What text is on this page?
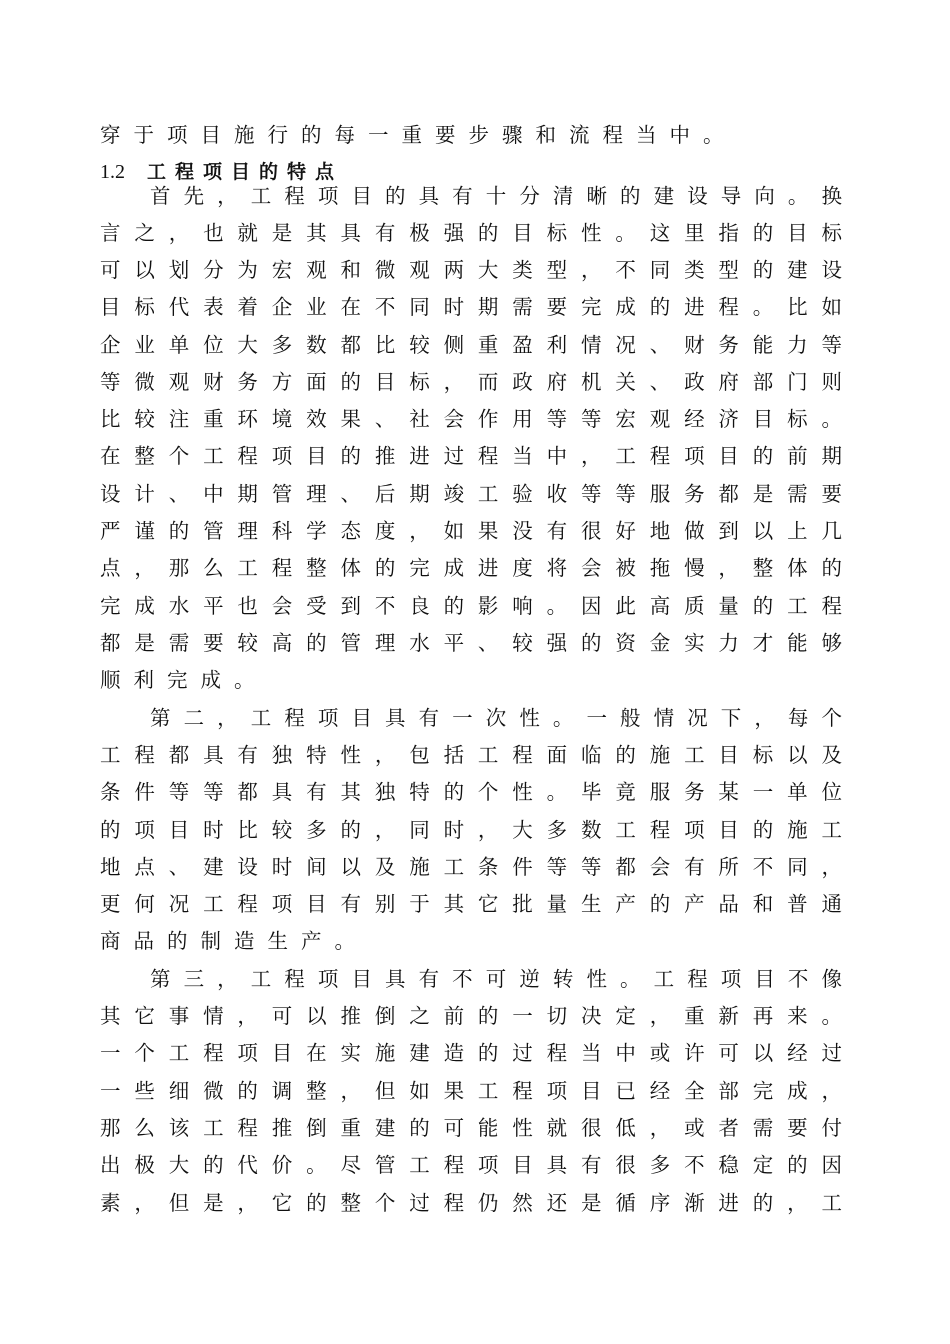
穿于项目施行的每一重要步骤和流程当中。
1.2 工程项目的特点
首先，工程项目的具有十分清晰的建设导向。换
言之，也就是其具有极强的目标性。这里指的目标
可以划分为宏观和微观两大类型，不同类型的建设
目标代表着企业在不同时期需要完成的进程。比如
企业单位大多数都比较侧重盈利情况、财务能力等
等微观财务方面的目标，而政府机关、政府部门则
比较注重环境效果、社会作用等等宏观经济目标。
在整个工程项目的推进过程当中，工程项目的前期
设计、中期管理、后期竣工验收等等服务都是需要
严谨的管理科学态度，如果没有很好地做到以上几
点，那么工程整体的完成进度将会被拖慢，整体的
完成水平也会受到不良的影响。因此高质量的工程
都是需要较高的管理水平、较强的资金实力才能够
顺利完成。
第二，工程项目具有一次性。一般情况下，每个
工程都具有独特性，包括工程面临的施工目标以及
条件等等都具有其独特的个性。毕竟服务某一单位
的项目时比较多的，同时，大多数工程项目的施工
地点、建设时间以及施工条件等等都会有所不同，
更何况工程项目有别于其它批量生产的产品和普通
商品的制造生产。
第三，工程项目具有不可逆转性。工程项目不像
其它事情，可以推倒之前的一切决定，重新再来。
一个工程项目在实施建造的过程当中或许可以经过
一些细微的调整，但如果工程项目已经全部完成，
那么该工程推倒重建的可能性就很低，或者需要付
出极大的代价。尽管工程项目具有很多不稳定的因
素，但是，它的整个过程仍然还是循序渐进的，工
